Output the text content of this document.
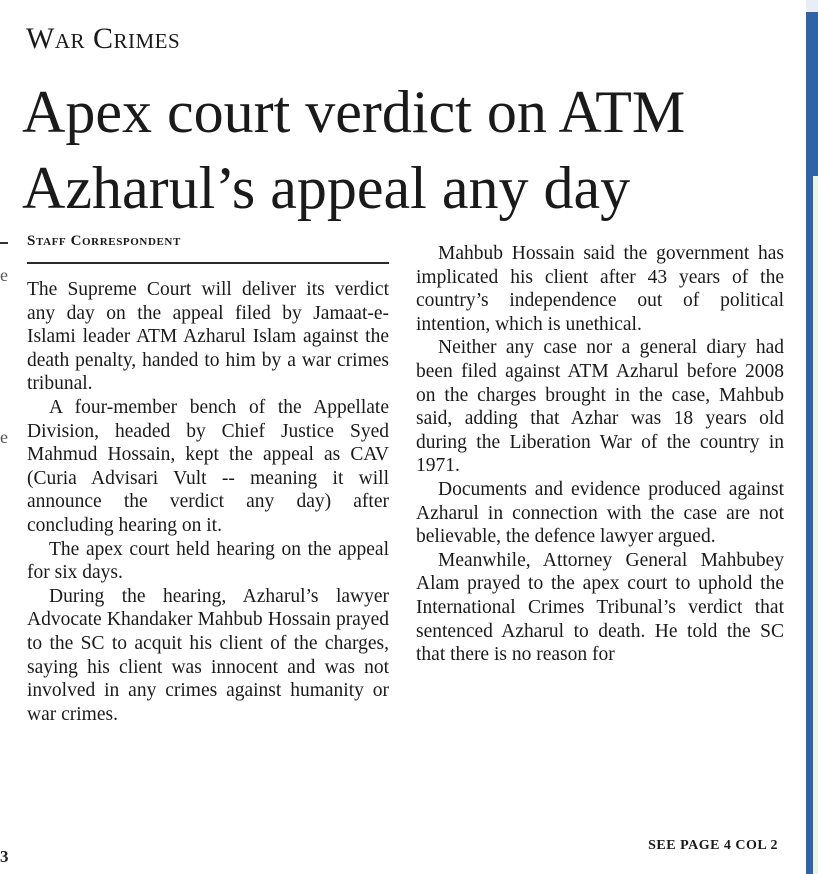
War Crimes
Apex court verdict on ATM
Azharul’s appeal any day
Staff Correspondent

The Supreme Court will deliver its verdict any day on the appeal filed by Jamaat-e-Islami leader ATM Azharul Islam against the death penalty, handed to him by a war crimes tribunal.

A four-member bench of the Appellate Division, headed by Chief Justice Syed Mahmud Hossain, kept the appeal as CAV (Curia Advisari Vult -- meaning it will announce the verdict any day) after concluding hearing on it.

The apex court held hearing on the appeal for six days.

During the hearing, Azharul’s lawyer Advocate Khandaker Mahbub Hossain prayed to the SC to acquit his client of the charges, saying his client was innocent and was not involved in any crimes against humanity or war crimes.

Mahbub Hossain said the government has implicated his client after 43 years of the country’s independence out of political intention, which is unethical.

Neither any case nor a general diary had been filed against ATM Azharul before 2008 on the charges brought in the case, Mahbub said, adding that Azhar was 18 years old during the Liberation War of the country in 1971.

Documents and evidence produced against Azharul in connection with the case are not believable, the defence lawyer argued.

Meanwhile, Attorney General Mahbubey Alam prayed to the apex court to uphold the International Crimes Tribunal’s verdict that sentenced Azharul to death. He told the SC that there is no reason for

SEE PAGE 4 COL 2
e
e
3
